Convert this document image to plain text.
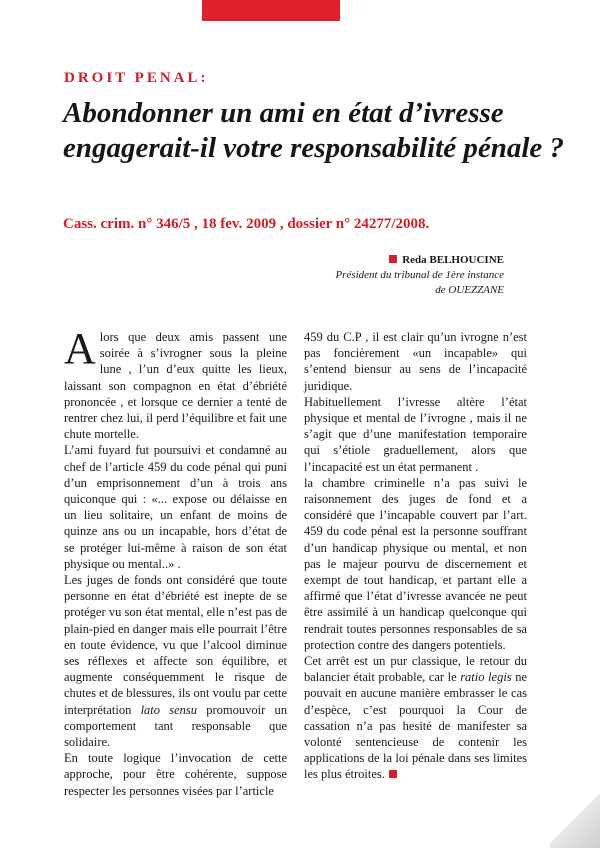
DROIT PENAL:
Abondonner un ami en état d’ivresse engagerait-il votre responsabilité pénale ?

Cass. crim. n° 346/5 , 18 fev. 2009 , dossier n° 24277/2008.

Reda BELHOUCINE
Président du tribunal de 1ère instance
de OUEZZANE

Alors que deux amis passent une soirée à s’ivrogner sous la pleine lune , l’un d’eux quitte les lieux, laissant son compagnon en état d’ébriété prononcée , et lorsque ce dernier a tenté de rentrer chez lui, il perd l’équilibre et fait une chute mortelle.

L’ami fuyard fut poursuivi et condamné au chef de l’article 459 du code pénal qui puni d’un emprisonnement d’un à trois ans quiconque qui : «... expose ou délaisse en un lieu solitaire, un enfant de moins de quinze ans ou un incapable, hors d’état de se protéger lui-même à raison de son état physique ou mental..» .

Les juges de fonds ont considéré que toute personne en état d’ébriété est inepte de se protéger vu son état mental, elle n’est pas de plain-pied en danger mais elle pourrait l’être en toute évidence, vu que l’alcool diminue ses réflexes et affecte son équilibre, et augmente conséquemment le risque de chutes et de blessures, ils ont voulu par cette interprétation lato sensu promouvoir un comportement tant responsable que solidaire.

En toute logique l’invocation de cette approche, pour être cohérente, suppose respecter les personnes visées par l’article

459 du C.P , il est clair qu’un ivrogne n’est pas foncièrement «un incapable» qui s’entend biensur au sens de l’incapacité juridique.

Habituellement l’ivresse altère l’état physique et mental de l’ivrogne , mais il ne s’agit que d’une manifestation temporaire qui s’étiole graduellement, alors que l’incapacité est un état permanent .

la chambre criminelle n’a pas suivi le raisonnement des juges de fond et a considéré que l’incapable couvert par l’art. 459 du code pénal est la personne souffrant d’un handicap physique ou mental, et non pas le majeur pourvu de discernement et exempt de tout handicap, et partant elle a affirmé que l’état d’ivresse avancée ne peut être assimilé à un handicap quelconque qui rendrait toutes personnes responsables de sa protection contre des dangers potentiels.

Cet arrêt est un pur classique, le retour du balancier était probable, car le ratio legis ne pouvait en aucune manière embrasser le cas d’espèce, c’est pourquoi la Cour de cassation n’a pas hesité de manifester sa volonté sentencieuse de contenir les applications de la loi pénale dans ses limites les plus étroites.
